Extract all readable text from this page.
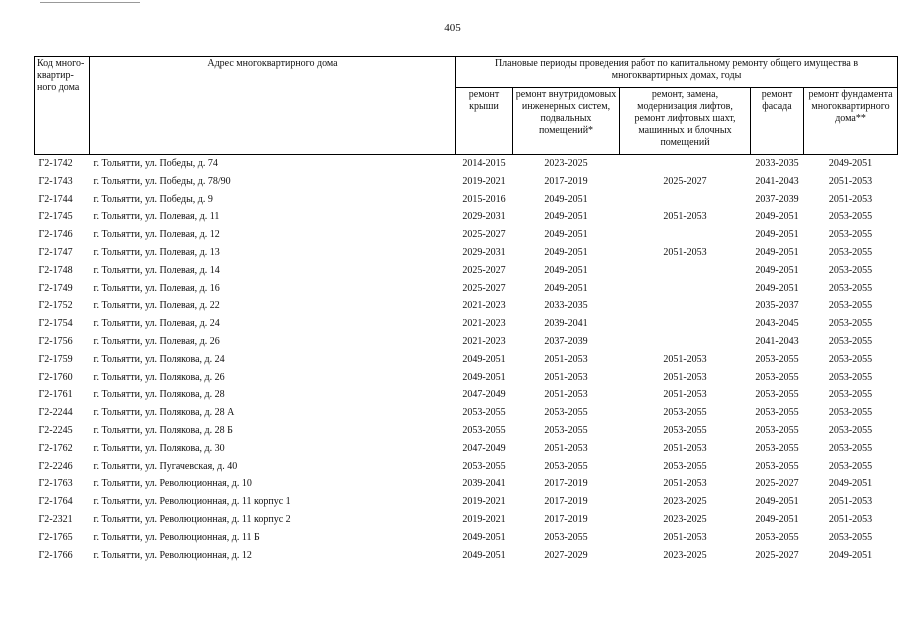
405
Код много-квартир-ного дома	Адрес многоквартирного дома	Плановые периоды проведения работ по капитальному ремонту общего имущества в многоквартирных домах, годы				
		ремонт крыши	ремонт внутридомовых инженерных систем, подвальных помещений*	ремонт, замена, модернизация лифтов, ремонт лифтовых шахт, машинных и блочных помещений	ремонт фасада	ремонт фундамента многоквартирного дома**
Г2-1742	г. Тольятти, ул. Победы, д. 74	2014-2015	2023-2025		2033-2035	2049-2051
Г2-1743	г. Тольятти, ул. Победы, д. 78/90	2019-2021	2017-2019	2025-2027	2041-2043	2051-2053
Г2-1744	г. Тольятти, ул. Победы, д. 9	2015-2016	2049-2051		2037-2039	2051-2053
Г2-1745	г. Тольятти, ул. Полевая, д. 11	2029-2031	2049-2051	2051-2053	2049-2051	2053-2055
Г2-1746	г. Тольятти, ул. Полевая, д. 12	2025-2027	2049-2051		2049-2051	2053-2055
Г2-1747	г. Тольятти, ул. Полевая, д. 13	2029-2031	2049-2051	2051-2053	2049-2051	2053-2055
Г2-1748	г. Тольятти, ул. Полевая, д. 14	2025-2027	2049-2051		2049-2051	2053-2055
Г2-1749	г. Тольятти, ул. Полевая, д. 16	2025-2027	2049-2051		2049-2051	2053-2055
Г2-1752	г. Тольятти, ул. Полевая, д. 22	2021-2023	2033-2035		2035-2037	2053-2055
Г2-1754	г. Тольятти, ул. Полевая, д. 24	2021-2023	2039-2041		2043-2045	2053-2055
Г2-1756	г. Тольятти, ул. Полевая, д. 26	2021-2023	2037-2039		2041-2043	2053-2055
Г2-1759	г. Тольятти, ул. Полякова, д. 24	2049-2051	2051-2053	2051-2053	2053-2055	2053-2055
Г2-1760	г. Тольятти, ул. Полякова, д. 26	2049-2051	2051-2053	2051-2053	2053-2055	2053-2055
Г2-1761	г. Тольятти, ул. Полякова, д. 28	2047-2049	2051-2053	2051-2053	2053-2055	2053-2055
Г2-2244	г. Тольятти, ул. Полякова, д. 28 А	2053-2055	2053-2055	2053-2055	2053-2055	2053-2055
Г2-2245	г. Тольятти, ул. Полякова, д. 28 Б	2053-2055	2053-2055	2053-2055	2053-2055	2053-2055
Г2-1762	г. Тольятти, ул. Полякова, д. 30	2047-2049	2051-2053	2051-2053	2053-2055	2053-2055
Г2-2246	г. Тольятти, ул. Пугачевская, д. 40	2053-2055	2053-2055	2053-2055	2053-2055	2053-2055
Г2-1763	г. Тольятти, ул. Революционная, д. 10	2039-2041	2017-2019	2051-2053	2025-2027	2049-2051
Г2-1764	г. Тольятти, ул. Революционная, д. 11 корпус 1	2019-2021	2017-2019	2023-2025	2049-2051	2051-2053
Г2-2321	г. Тольятти, ул. Революционная, д. 11 корпус 2	2019-2021	2017-2019	2023-2025	2049-2051	2051-2053
Г2-1765	г. Тольятти, ул. Революционная, д. 11 Б	2049-2051	2053-2055	2051-2053	2053-2055	2053-2055
Г2-1766	г. Тольятти, ул. Революционная, д. 12	2049-2051	2027-2029	2023-2025	2025-2027	2049-2051
